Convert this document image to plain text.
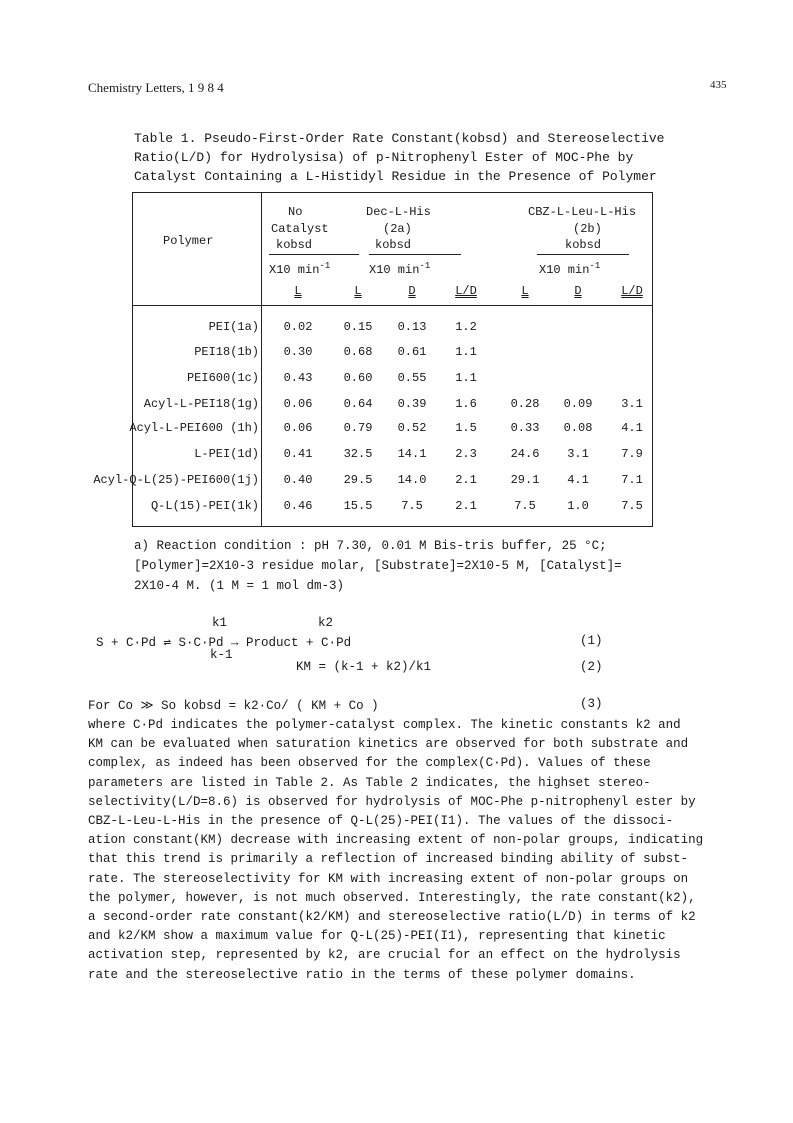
Chemistry Letters, 1 9 8 4	435
Table 1. Pseudo-First-Order Rate Constant(kobsd) and Stereoselective
Ratio(L/D) for Hydrolysisa) of p-Nitrophenyl Ester of MOC-Phe by
Catalyst Containing a L-Histidyl Residue in the Presence of Polymer
Polymer
No
Catalyst
kobsd
X10 $\min^{-1}$
Dec-L-His
(2a)
kobsd
X10 $\min^{-1}$
CBZ-L-Leu-L-His
(2b)
kobsd
X10 $\min^{-1}$
L	L	D	L/D	L	D	L/D
PEI(1a)	0.02	0.15	0.13	1.2
PEI18(1b)	0.30	0.68	0.61	1.1
PEI600(1c)	0.43	0.60	0.55	1.1
Acyl-L-PEI18(1g)	0.06	0.64	0.39	1.6	0.28	0.09	3.1
Acyl-L-PEI600 (1h)	0.06	0.79	0.52	1.5	0.33	0.08	4.1
L-PEI(1d)	0.41	32.5	14.1	2.3	24.6	3.1	7.9
Acyl-Q-L(25)-PEI600(1j)	0.40	29.5	14.0	2.1	29.1	4.1	7.1
Q-L(15)-PEI(1k)	0.46	15.5	7.5	2.1	7.5	1.0	7.5
a) Reaction condition : pH 7.30, 0.01 M Bis-tris buffer, 25 °C;
[Polymer]=2X10-3 residue molar, [Substrate]=2X10-5 M, [Catalyst]=
2X10-4 M. (1 M = 1 mol dm-3)
k1
k-1
k2
S + C·Pd ⇌ S·C·Pd → Product + C·Pd	(1)
KM = (k-1 + k2)/k1	(2)
For Co ≫ So kobsd = k2·Co/ ( KM + Co )	(3)
where C·Pd indicates the polymer-catalyst complex. The kinetic constants k2 and
KM can be evaluated when saturation kinetics are observed for both substrate and
complex, as indeed has been observed for the complex(C·Pd). Values of these
parameters are listed in Table 2. As Table 2 indicates, the highset stereo-
selectivity(L/D=8.6) is observed for hydrolysis of MOC-Phe p-nitrophenyl ester by
CBZ-L-Leu-L-His in the presence of Q-L(25)-PEI(I1). The values of the dissoci-
ation constant(KM) decrease with increasing extent of non-polar groups, indicating
that this trend is primarily a reflection of increased binding ability of subst-
rate. The stereoselectivity for KM with increasing extent of non-polar groups on
the polymer, however, is not much observed. Interestingly, the rate constant(k2),
a second-order rate constant(k2/KM) and stereoselective ratio(L/D) in terms of k2
and k2/KM show a maximum value for Q-L(25)-PEI(I1), representing that kinetic
activation step, represented by k2, are crucial for an effect on the hydrolysis
rate and the stereoselective ratio in the terms of these polymer domains.
